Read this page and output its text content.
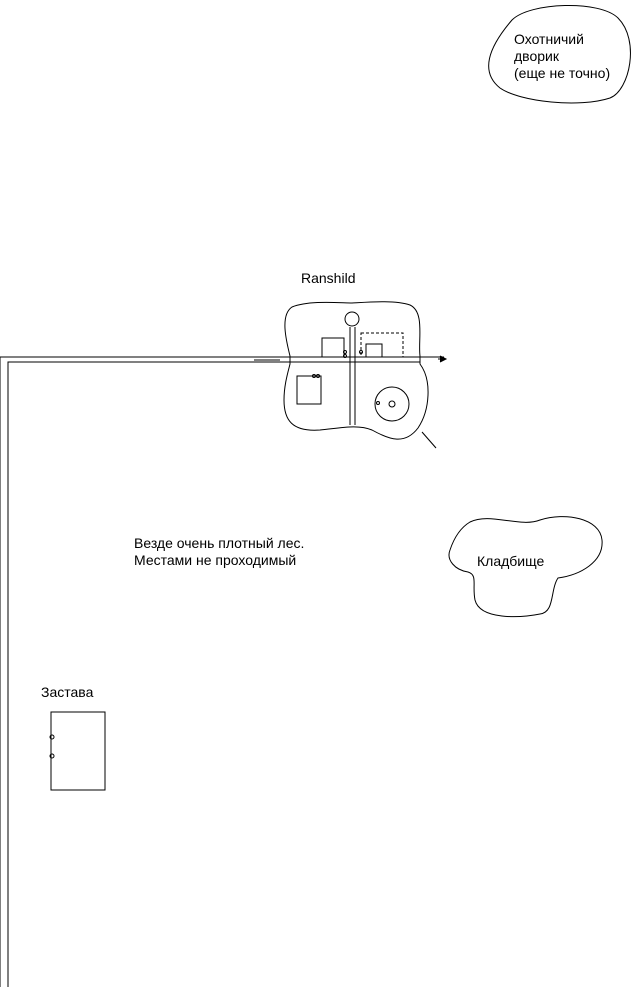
Охотничий
дворик
(еще не точно)
Ranshild
Везде очень плотный лес.
Местами не проходимый	Кладбище
Застава
